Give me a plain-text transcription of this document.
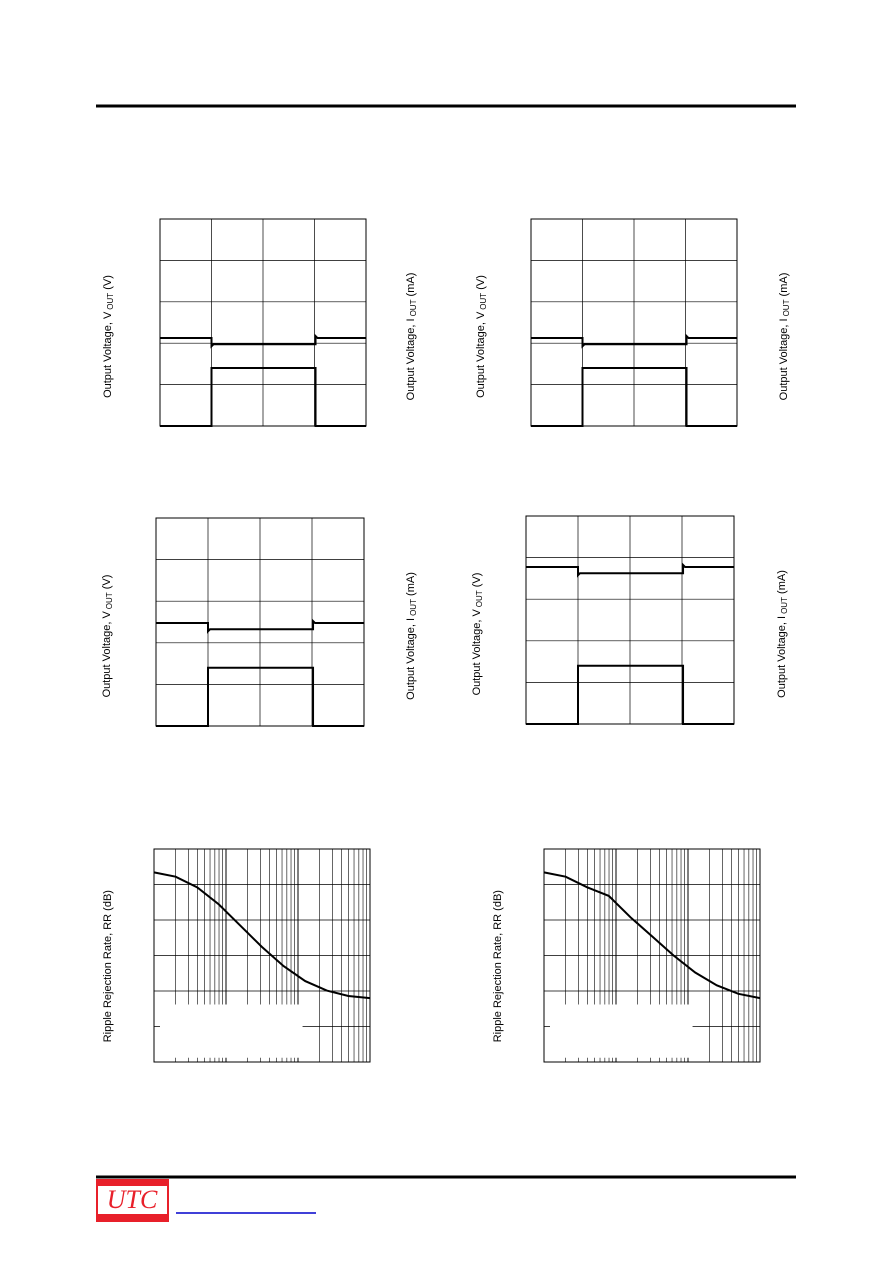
UTC
Output Voltage, VOUT (V)
Output Voltage, IOUT (mA)
Output Voltage, VOUT (V)
Output Voltage, IOUT (mA)
Output Voltage, VOUT (V)
Output Voltage, IOUT (mA)
Output Voltage, VOUT (V)
Output Voltage, IOUT (mA)
Ripple Rejection Rate, RR (dB)	Ripple Rejection Rate, RR (dB)
